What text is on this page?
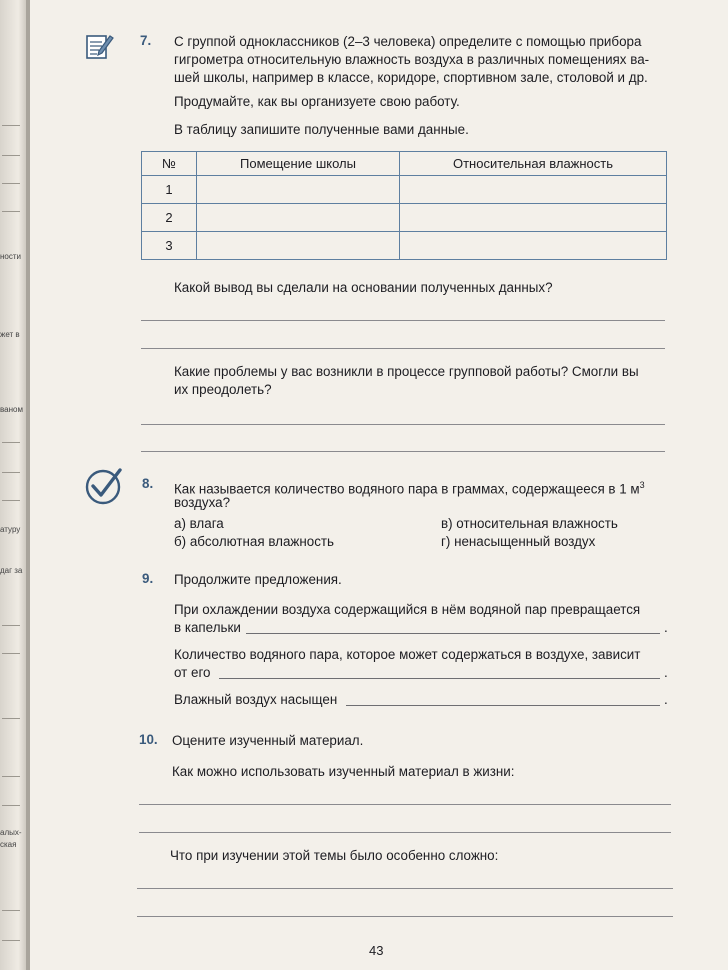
ности
жет в
ваном
атуру
даг за
алых-
ская
7. С группой одноклассников (2–3 человека) определите с помощью прибора
гигрометра относительную влажность воздуха в различных помещениях ва-
шей школы, например в классе, коридоре, спортивном зале, столовой и др.
Продумайте, как вы организуете свою работу.
В таблицу запишите полученные вами данные.
№	Помещение школы	Относительная влажность
1		
2		
3		
Какой вывод вы сделали на основании полученных данных?
Какие проблемы у вас возникли в процессе групповой работы? Смогли вы
их преодолеть?
8. Как называется количество водяного пара в граммах, содержащееся в 1 $м^3$
воздуха?
а) влага
б) абсолютная влажность
в) относительная влажность
г) ненасыщенный воздух
9. Продолжите предложения.
При охлаждении воздуха содержащийся в нём водяной пар превращается
в капельки	.
Количество водяного пара, которое может содержаться в воздухе, зависит
от его	.
Влажный воздух насыщен	.
10. Оцените изученный материал.
Как можно использовать изученный материал в жизни:
Что при изучении этой темы было особенно сложно:
43
